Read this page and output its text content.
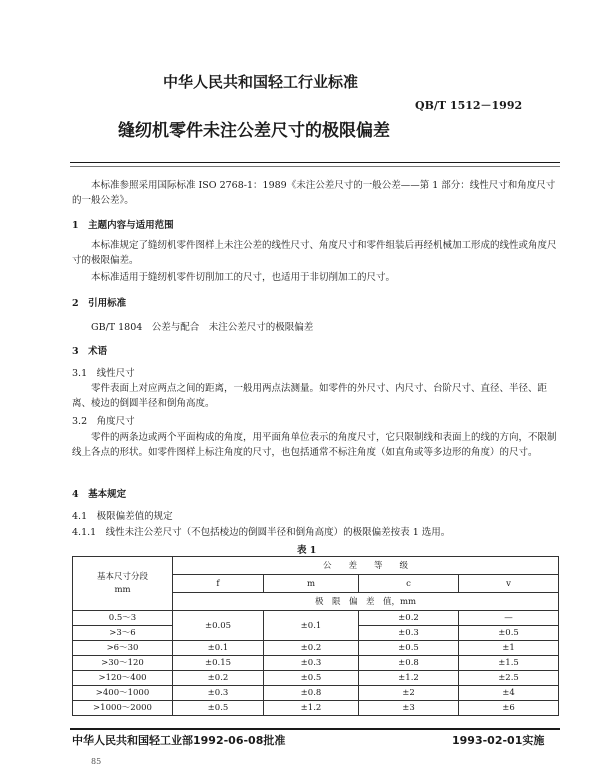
中华人民共和国轻工行业标准
QB/T 1512－1992
缝纫机零件未注公差尺寸的极限偏差
本标准参照采用国际标准 ISO 2768-1：1989《未注公差尺寸的一般公差——第 1 部分：线性尺寸和角度尺寸的一般公差》。
1　主题内容与适用范围
本标准规定了缝纫机零件图样上未注公差的线性尺寸、角度尺寸和零件组装后再经机械加工形成的线性或角度尺寸的极限偏差。
本标准适用于缝纫机零件切削加工的尺寸，也适用于非切削加工的尺寸。
2　引用标准
GB/T 1804　公差与配合　未注公差尺寸的极限偏差
3　术语
3.1　线性尺寸
零件表面上对应两点之间的距离，一般用两点法测量。如零件的外尺寸、内尺寸、台阶尺寸、直径、半径、距离、棱边的倒圆半径和倒角高度。
3.2　角度尺寸
零件的两条边或两个平面构成的角度，用平面角单位表示的角度尺寸，它只限制线和表面上的线的方向，不限制线上各点的形状。如零件图样上标注角度的尺寸，也包括通常不标注角度（如直角或等多边形的角度）的尺寸。
4　基本规定
4.1　极限偏差值的规定
4.1.1　线性未注公差尺寸（不包括棱边的倒圆半径和倒角高度）的极限偏差按表 1 选用。
表 1
基本尺寸分段
mm	公　　差　　等　　级			
	f	m	c	v
	极　限　偏　差　值，mm			
0.5～3	±0.05	±0.1	±0.2	—
>3～6			±0.3	±0.5
>6～30	±0.1	±0.2	±0.5	±1
>30～120	±0.15	±0.3	±0.8	±1.5
>120～400	±0.2	±0.5	±1.2	±2.5
>400～1000	±0.3	±0.8	±2	±4
>1000～2000	±0.5	±1.2	±3	±6
中华人民共和国轻工业部1992-06-08批准	1993-02-01实施
85
